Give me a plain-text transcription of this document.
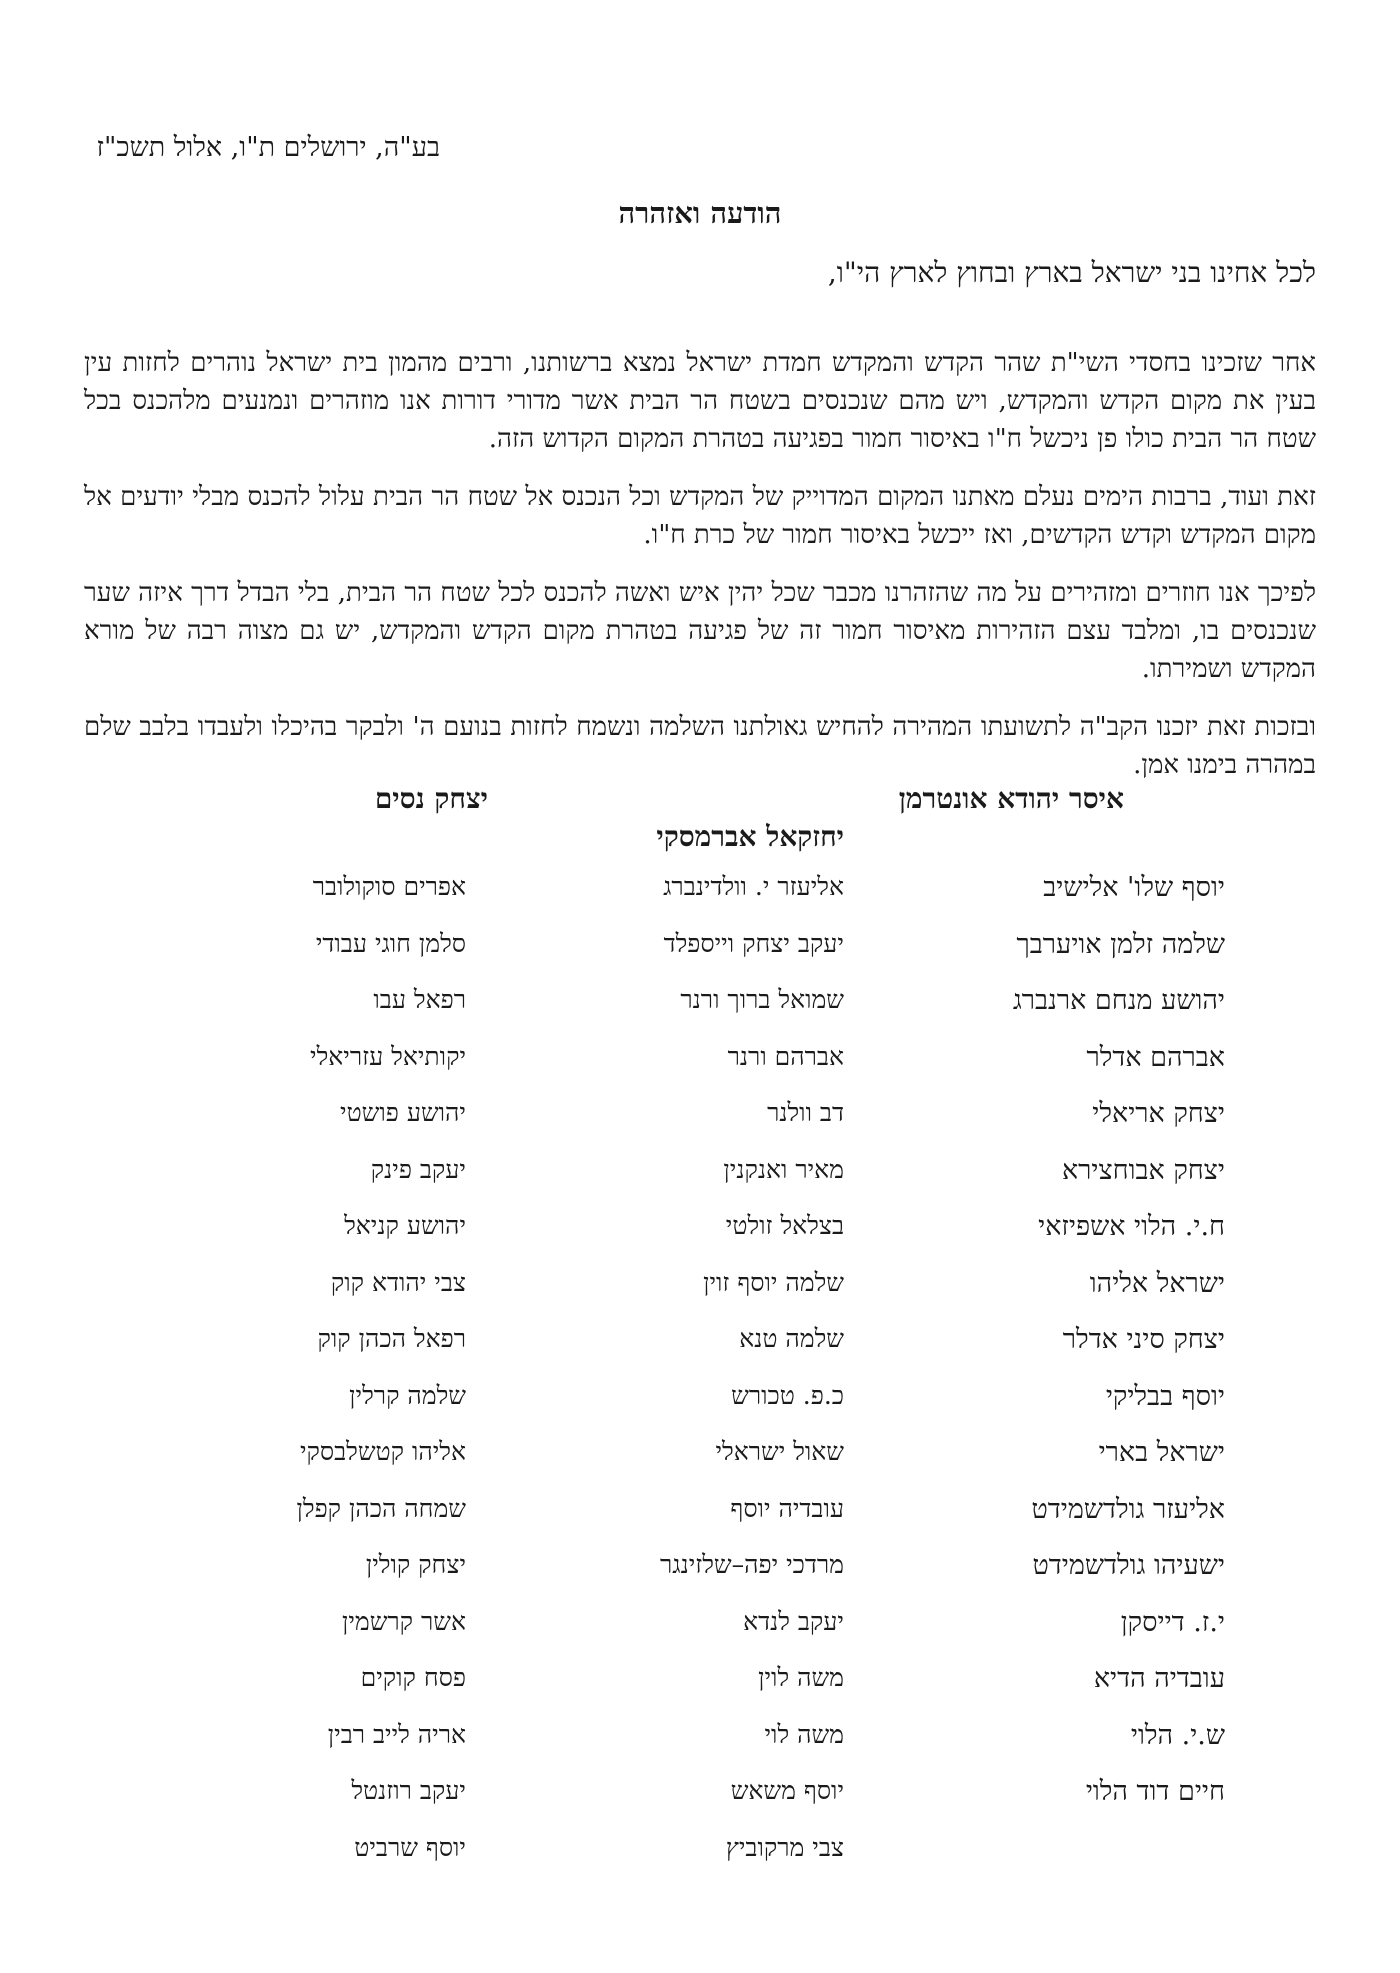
בע"ה, ירושלים ת"ו, אלול תשכ"ז
הודעה ואזהרה
לכל אחינו בני ישראל בארץ ובחוץ לארץ הי"ו,

אחר שזכינו בחסדי השי"ת שהר הקדש והמקדש חמדת ישראל נמצא ברשותנו, ורבים מהמון בית ישראל נוהרים לחזות עין בעין את מקום הקדש והמקדש, ויש מהם שנכנסים בשטח הר הבית אשר מדורי דורות אנו מוזהרים ונמנעים מלהכנס בכל שטח הר הבית כולו פן ניכשל ח"ו באיסור חמור בפגיעה בטהרת המקום הקדוש הזה.

זאת ועוד, ברבות הימים נעלם מאתנו המקום המדוייק של המקדש וכל הנכנס אל שטח הר הבית עלול להכנס מבלי יודעים אל מקום המקדש וקדש הקדשים, ואז ייכשל באיסור חמור של כרת ח"ו.

לפיכך אנו חוזרים ומזהירים על מה שהזהרנו מכבר שכל יהין איש ואשה להכנס לכל שטח הר הבית, בלי הבדל דרך איזה שער שנכנסים בו, ומלבד עצם הזהירות מאיסור חמור זה של פגיעה בטהרת מקום הקדש והמקדש, יש גם מצוה רבה של מורא המקדש ושמירתו.

ובזכות זאת יזכנו הקב"ה לתשועתו המהירה להחיש גאולתנו השלמה ונשמח לחזות בנועם ה' ולבקר בהיכלו ולעבדו בלבב שלם במהרה בימנו אמן.

איסר יהודא אונטרמן
יחזקאל אברמסקי
יצחק נסים
יוסף שלו' אלישיב
שלמה זלמן אויערבך
יהושע מנחם ארנברג
אברהם אדלר
יצחק אריאלי
יצחק אבוחצירא
ח.י. הלוי אשפיזאי
ישראל אליהו
יצחק סיני אדלר
יוסף בבליקי
ישראל בארי
אליעזר גולדשמידט
ישעיהו גולדשמידט
י.ז. דייסקן
עובדיה הדיא
ש.י. הלוי
חיים דוד הלוי
אליעזר י. וולדינברג
יעקב יצחק וייספלד
שמואל ברוך ורנר
אברהם ורנר
דב וולנר
מאיר ואנקנין
בצלאל זולטי
שלמה יוסף זוין
שלמה טנא
כ.פ. טכורש
שאול ישראלי
עובדיה יוסף
מרדכי יפה–שלזינגר
יעקב לנדא
משה לוין
משה לוי
יוסף משאש
צבי מרקוביץ
אפרים סוקולובר
סלמן חוגי עבודי
רפאל עבו
יקותיאל עזריאלי
יהושע פושטי
יעקב פינק
יהושע קניאל
צבי יהודא קוק
רפאל הכהן קוק
שלמה קרלין
אליהו קטשלבסקי
שמחה הכהן קפלן
יצחק קולין
אשר קרשמין
פסח קוקים
אריה לייב רבין
יעקב רוזנטל
יוסף שרביט
